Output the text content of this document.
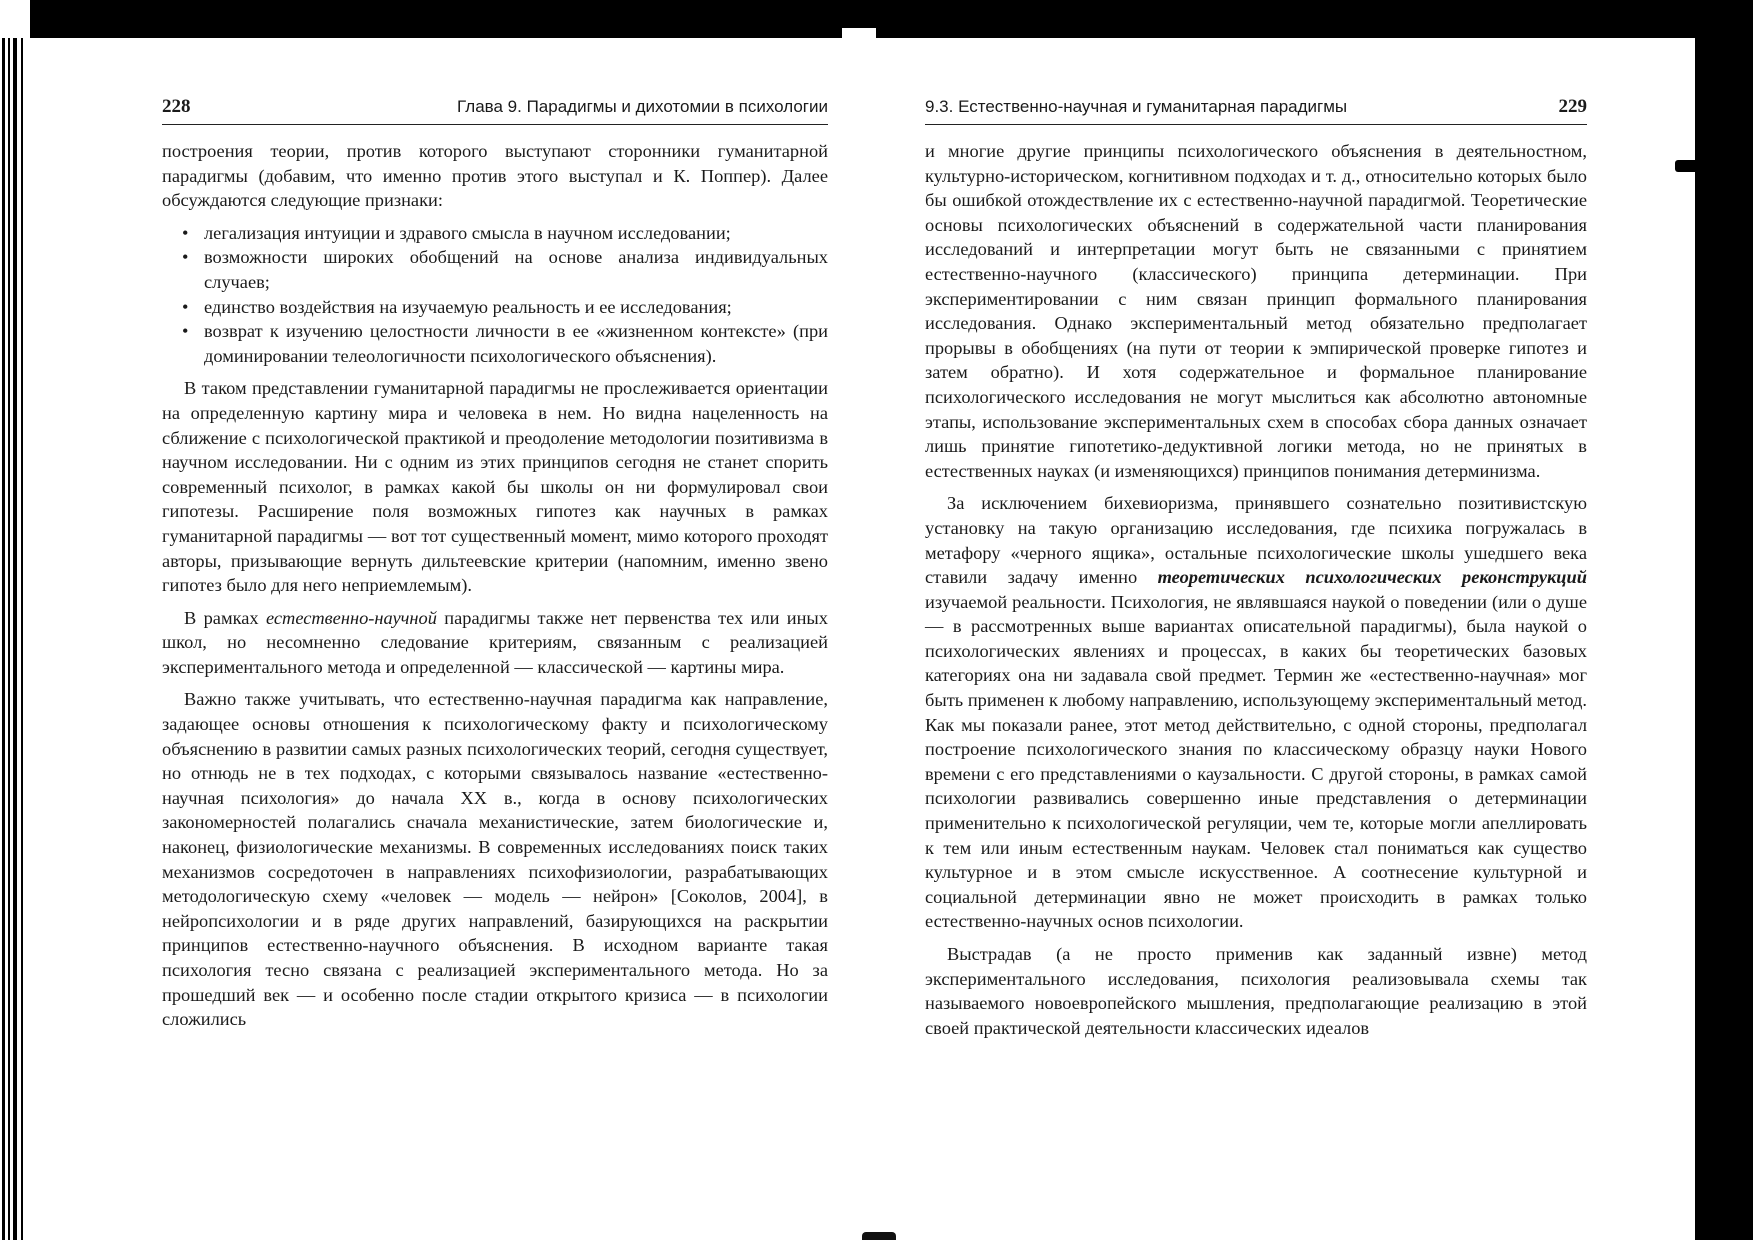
228	Глава 9. Парадигмы и дихотомии в психологии

построения теории, против которого выступают сторонники гуманитарной парадигмы (добавим, что именно против этого выступал и К. Поппер). Далее обсуждаются следующие признаки:

• легализация интуиции и здравого смысла в научном исследовании;
• возможности широких обобщений на основе анализа индивидуальных случаев;
• единство воздействия на изучаемую реальность и ее исследования;
• возврат к изучению целостности личности в ее «жизненном контексте» (при доминировании телеологичности психологического объяснения).

В таком представлении гуманитарной парадигмы не прослеживается ориентации на определенную картину мира и человека в нем. Но видна нацеленность на сближение с психологической практикой и преодоление методологии позитивизма в научном исследовании. Ни с одним из этих принципов сегодня не станет спорить современный психолог, в рамках какой бы школы он ни формулировал свои гипотезы. Расширение поля возможных гипотез как научных в рамках гуманитарной парадигмы — вот тот существенный момент, мимо которого проходят авторы, призывающие вернуть дильтеевские критерии (напомним, именно звено гипотез было для него неприемлемым).

В рамках естественно-научной парадигмы также нет первенства тех или иных школ, но несомненно следование критериям, связанным с реализацией экспериментального метода и определенной — классической — картины мира.

Важно также учитывать, что естественно-научная парадигма как направление, задающее основы отношения к психологическому факту и психологическому объяснению в развитии самых разных психологических теорий, сегодня существует, но отнюдь не в тех подходах, с которыми связывалось название «естественно-научная психология» до начала XX в., когда в основу психологических закономерностей полагались сначала механистические, затем биологические и, наконец, физиологические механизмы. В современных исследованиях поиск таких механизмов сосредоточен в направлениях психофизиологии, разрабатывающих методологическую схему «человек — модель — нейрон» [Соколов, 2004], в нейропсихологии и в ряде других направлений, базирующихся на раскрытии принципов естественно-научного объяснения. В исходном варианте такая психология тесно связана с реализацией экспериментального метода. Но за прошедший век — и особенно после стадии открытого кризиса — в психологии сложились

9.3. Естественно-научная и гуманитарная парадигмы	229

и многие другие принципы психологического объяснения в деятельностном, культурно-историческом, когнитивном подходах и т. д., относительно которых было бы ошибкой отождествление их с естественно-научной парадигмой. Теоретические основы психологических объяснений в содержательной части планирования исследований и интерпретации могут быть не связанными с принятием естественно-научного (классического) принципа детерминации. При экспериментировании с ним связан принцип формального планирования исследования. Однако экспериментальный метод обязательно предполагает прорывы в обобщениях (на пути от теории к эмпирической проверке гипотез и затем обратно). И хотя содержательное и формальное планирование психологического исследования не могут мыслиться как абсолютно автономные этапы, использование экспериментальных схем в способах сбора данных означает лишь принятие гипотетико-дедуктивной логики метода, но не принятых в естественных науках (и изменяющихся) принципов понимания детерминизма.

За исключением бихевиоризма, принявшего сознательно позитивистскую установку на такую организацию исследования, где психика погружалась в метафору «черного ящика», остальные психологические школы ушедшего века ставили задачу именно теоретических психологических реконструкций изучаемой реальности. Психология, не являвшаяся наукой о поведении (или о душе — в рассмотренных выше вариантах описательной парадигмы), была наукой о психологических явлениях и процессах, в каких бы теоретических базовых категориях она ни задавала свой предмет. Термин же «естественно-научная» мог быть применен к любому направлению, использующему экспериментальный метод. Как мы показали ранее, этот метод действительно, с одной стороны, предполагал построение психологического знания по классическому образцу науки Нового времени с его представлениями о каузальности. С другой стороны, в рамках самой психологии развивались совершенно иные представления о детерминации применительно к психологической регуляции, чем те, которые могли апеллировать к тем или иным естественным наукам. Человек стал пониматься как существо культурное и в этом смысле искусственное. А соотнесение культурной и социальной детерминации явно не может происходить в рамках только естественно-научных основ психологии.

Выстрадав (а не просто применив как заданный извне) метод экспериментального исследования, психология реализовывала схемы так называемого новоевропейского мышления, предполагающие реализацию в этой своей практической деятельности классических идеалов
